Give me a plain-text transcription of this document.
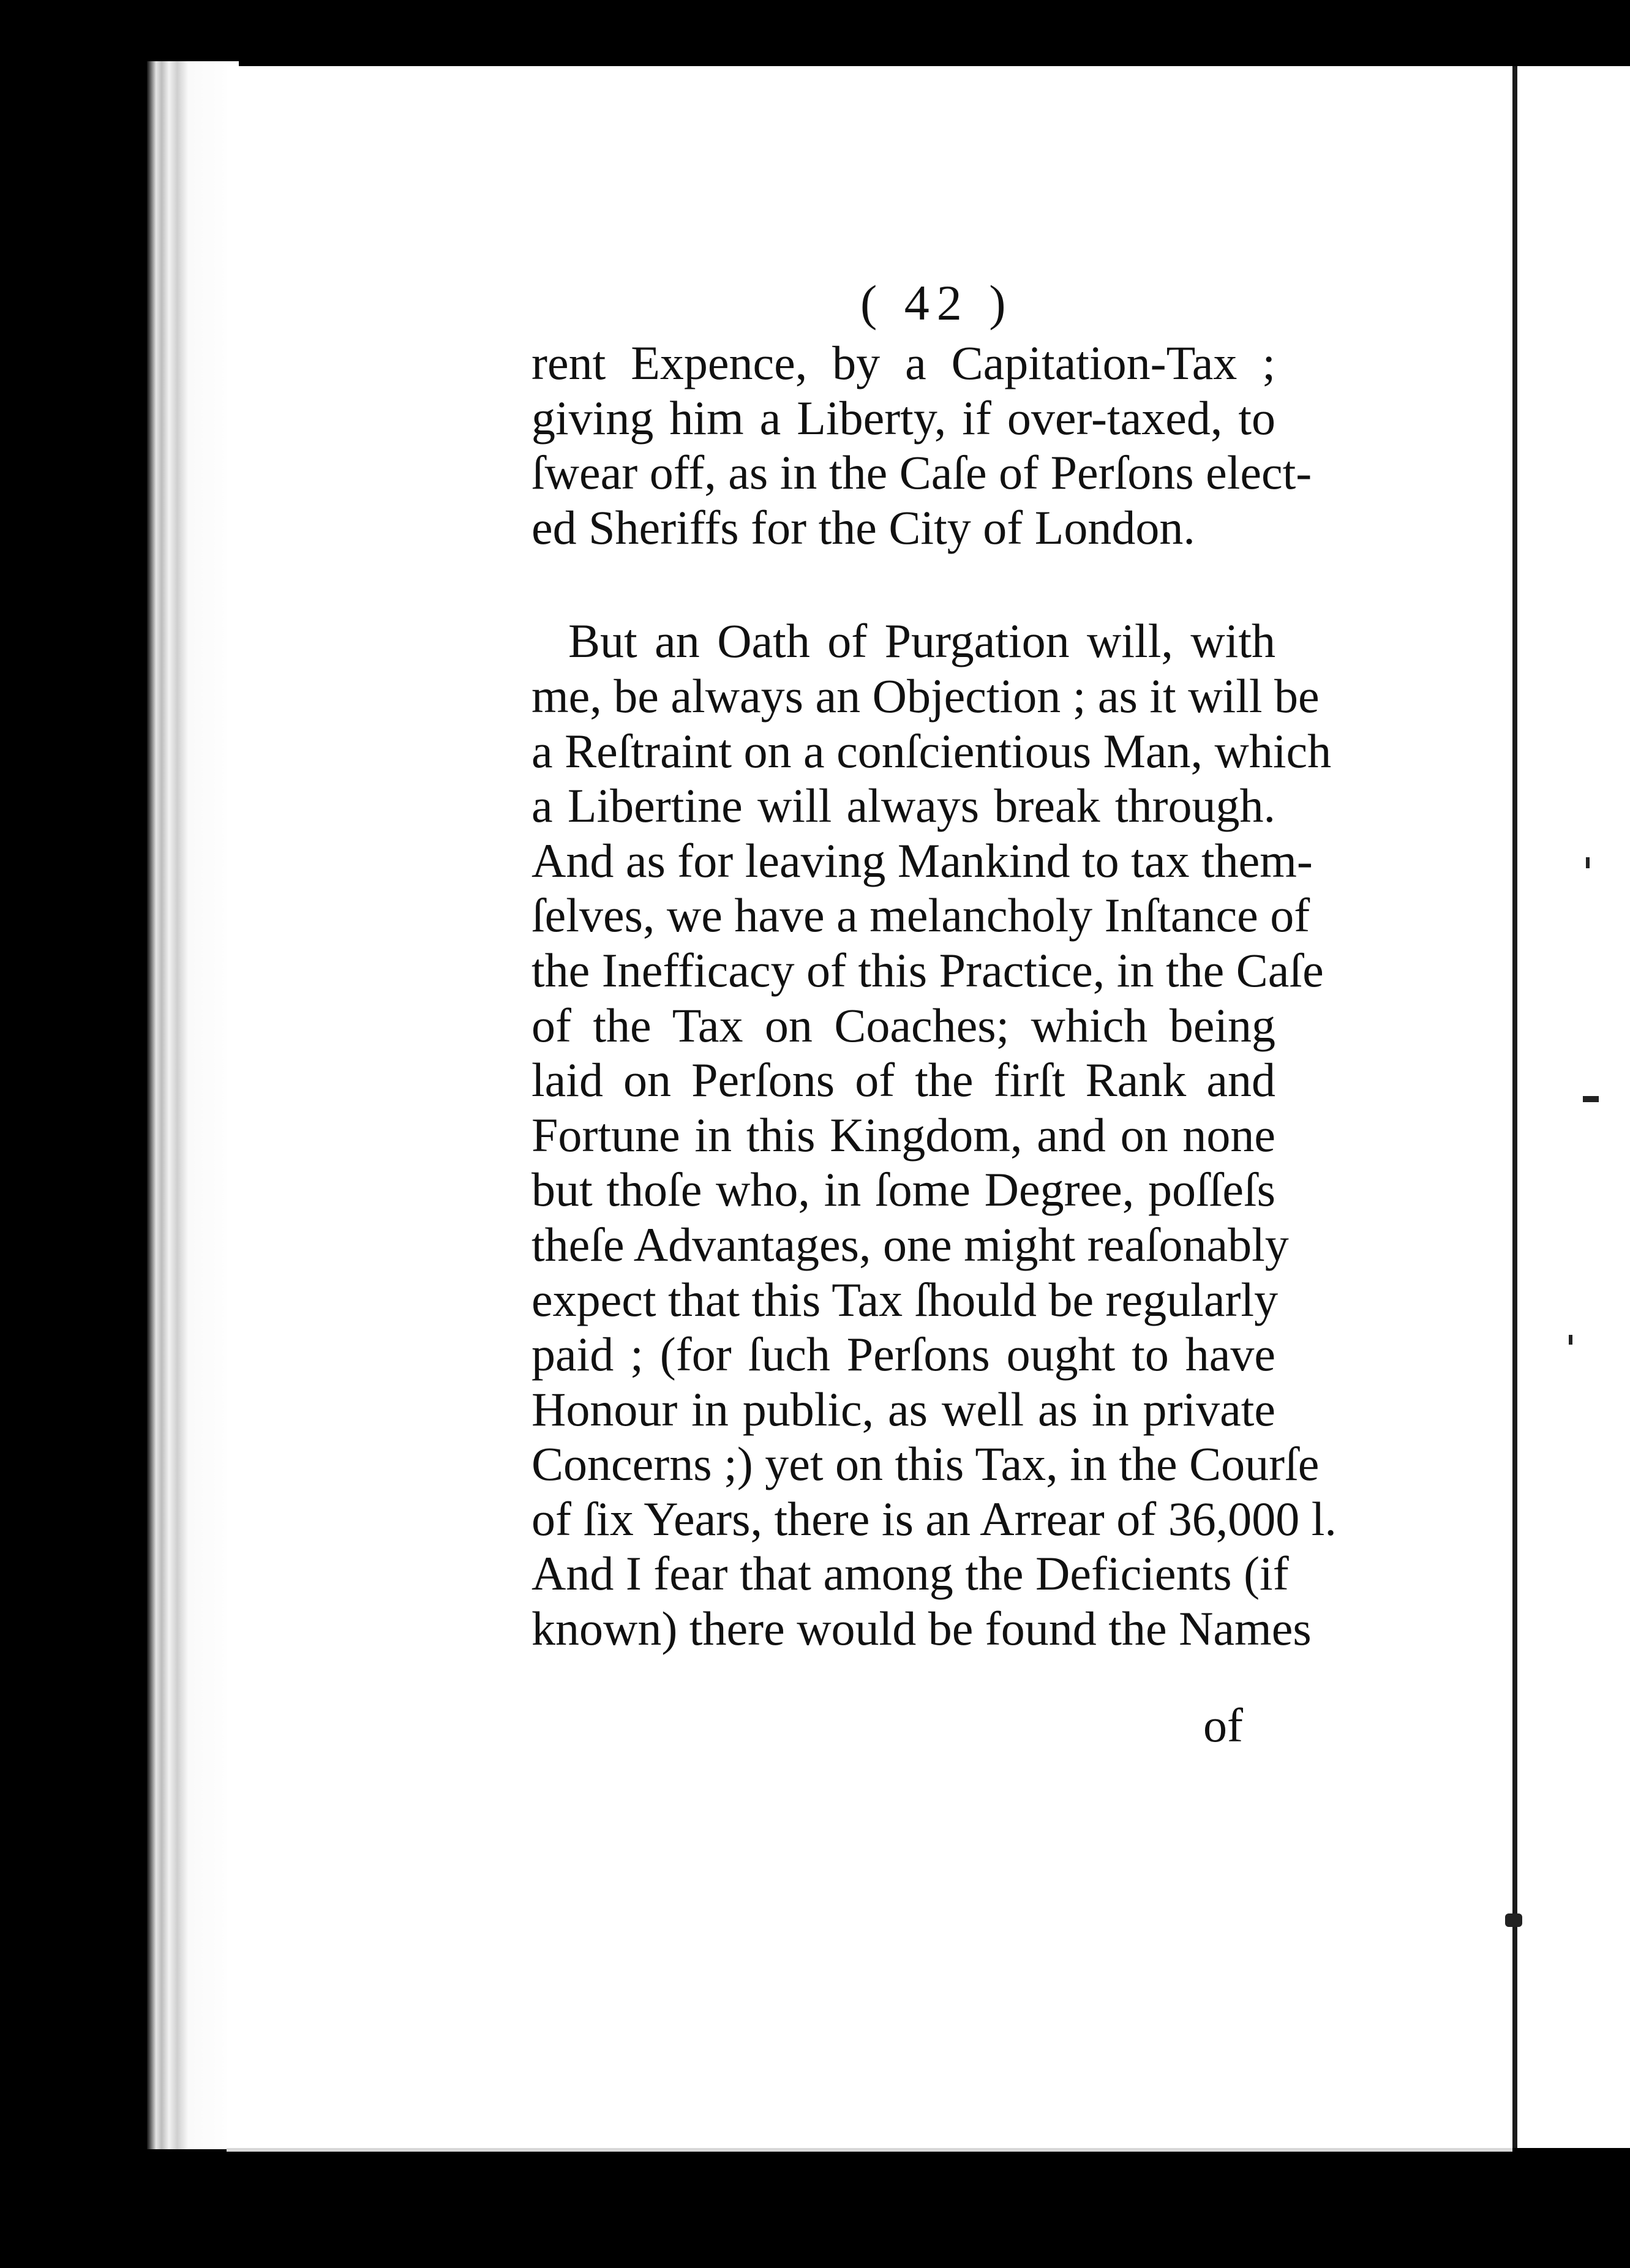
( 42 )
rent Expence, by a Capitation-Tax ;
giving him a Liberty, if over-taxed, to
ſwear off, as in the Caſe of Perſons elect-
ed Sheriffs for the City of London.
But an Oath of Purgation will, with
me, be always an Objection ; as it will be
a Reſtraint on a conſcientious Man, which
a Libertine will always break through.
And as for leaving Mankind to tax them-
ſelves, we have a melancholy Inſtance of
the Inefficacy of this Practice, in the Caſe
of the Tax on Coaches; which being
laid on Perſons of the firſt Rank and
Fortune in this Kingdom, and on none
but thoſe who, in ſome Degree, poſſeſs
theſe Advantages, one might reaſonably
expect that this Tax ſhould be regularly
paid ; (for ſuch Perſons ought to have
Honour in public, as well as in private
Concerns ;) yet on this Tax, in the Courſe
of ſix Years, there is an Arrear of 36,000 l.
And I fear that among the Deficients (if
known) there would be found the Names
of
